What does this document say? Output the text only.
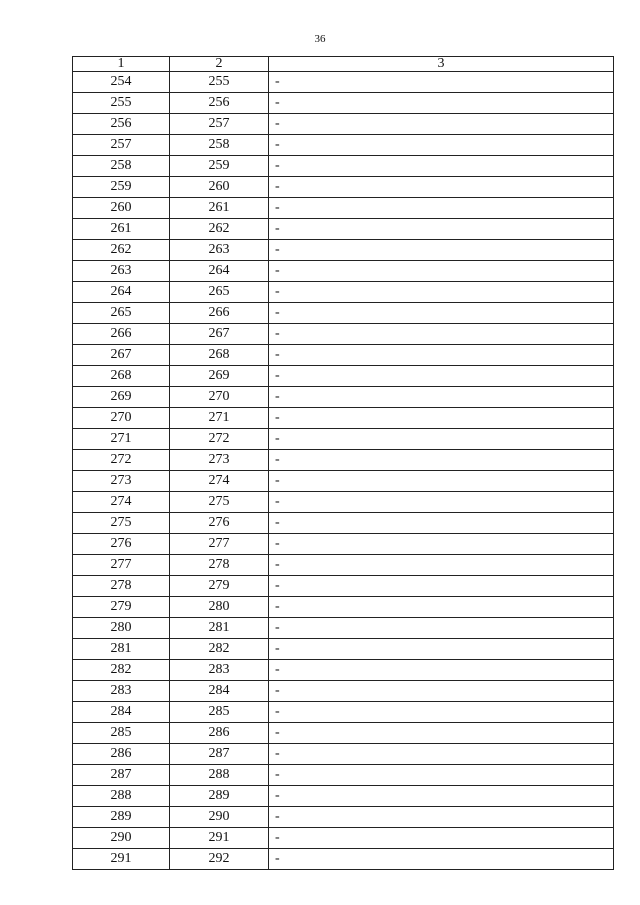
36
1	2	3
254	255	-
255	256	-
256	257	-
257	258	-
258	259	-
259	260	-
260	261	-
261	262	-
262	263	-
263	264	-
264	265	-
265	266	-
266	267	-
267	268	-
268	269	-
269	270	-
270	271	-
271	272	-
272	273	-
273	274	-
274	275	-
275	276	-
276	277	-
277	278	-
278	279	-
279	280	-
280	281	-
281	282	-
282	283	-
283	284	-
284	285	-
285	286	-
286	287	-
287	288	-
288	289	-
289	290	-
290	291	-
291	292	-
